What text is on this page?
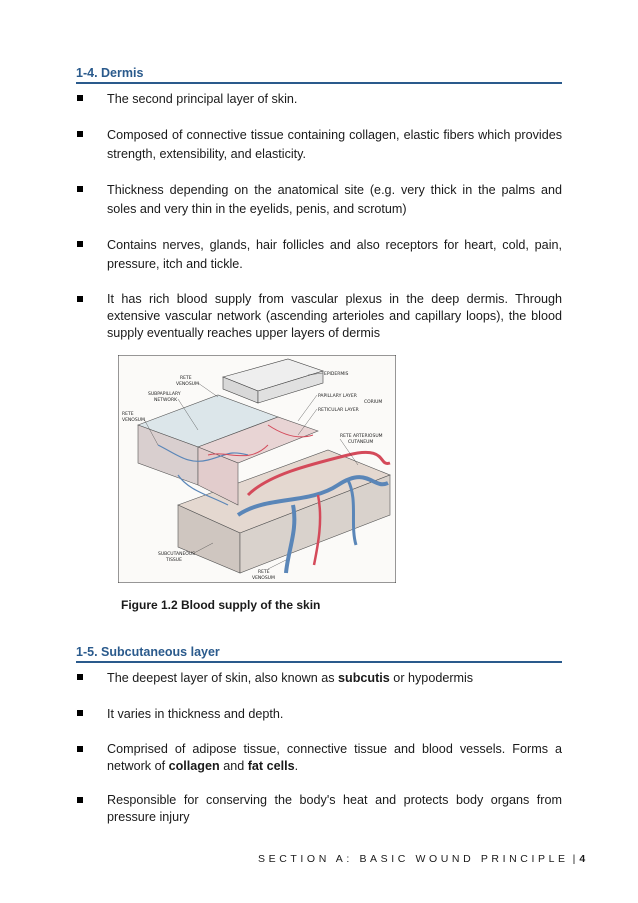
1-4. Dermis
The second principal layer of skin.
Composed of connective tissue containing collagen, elastic fibers which provides strength, extensibility, and elasticity.
Thickness depending on the anatomical site (e.g. very thick in the palms and soles and very thin in the eyelids, penis, and scrotum)
Contains nerves, glands, hair follicles and also receptors for heart, cold, pain, pressure, itch and tickle.
It has rich blood supply from vascular plexus in the deep dermis. Through extensive vascular network (ascending arterioles and capillary loops), the blood supply eventually reaches upper layers of dermis
RETE
VENOSUM
SUBPAPILLARY
NETWORK
RETE
VENOSUM
EPIDERMIS
PAPILLARY LAYER
CORIUM
RETICULAR LAYER
RETE ARTERIOSUM
CUTANEUM
SUBCUTANEOUS
TISSUE
RETE
VENOSUM
Figure 1.2 Blood supply of the skin
1-5. Subcutaneous layer
The deepest layer of skin, also known as subcutis or hypodermis
It varies in thickness and depth.
Comprised of adipose tissue, connective tissue and blood vessels. Forms a network of collagen and fat cells.
Responsible for conserving the body's heat and protects body organs from pressure injury
SECTION A: BASIC WOUND PRINCIPLE | 4
